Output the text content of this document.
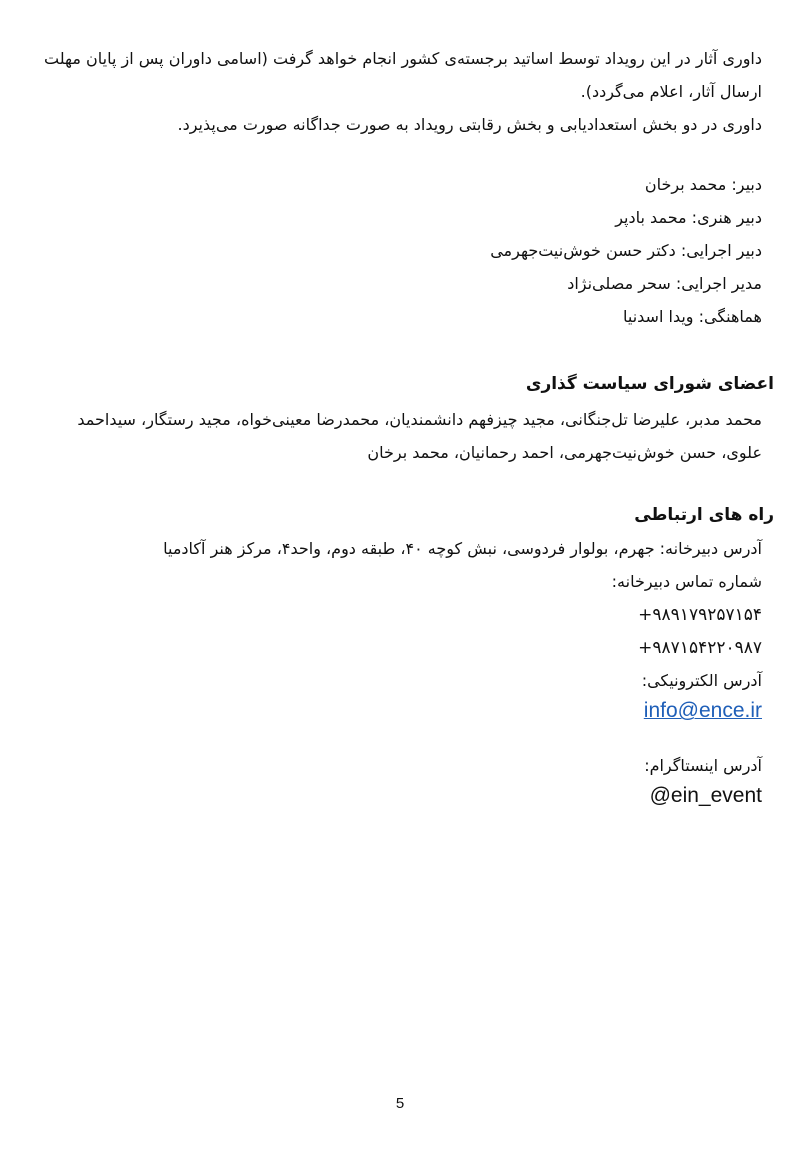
داوری آثار در این رویداد توسط اساتید برجسته‌ی کشور انجام خواهد گرفت (اسامی داوران پس از پایان مهلت
ارسال آثار، اعلام می‌گردد).
داوری در دو بخش استعدادیابی و بخش رقابتی رویداد به صورت جداگانه صورت می‌پذیرد.
دبیر: محمد برخان
دبیر هنری: محمد بادپر
دبیر اجرایی: دکتر حسن خوش‌نیت‌جهرمی
مدیر اجرایی: سحر مصلی‌نژاد
هماهنگی: ویدا اسدنیا
اعضای شورای سیاست گذاری
محمد مدبر، علیرضا تل‌جنگانی، مجید چیزفهم دانشمندیان، محمدرضا معینی‌خواه، مجید رستگار، سیداحمد
علوی، حسن خوش‌نیت‌جهرمی، احمد رحمانیان، محمد برخان
راه های ارتباطی
آدرس دبیرخانه: جهرم، بولوار فردوسی، نبش کوچه ۴۰، طبقه دوم، واحد۴، مرکز هنر آکادمیا
شماره تماس دبیرخانه:
+۹۸۹۱۷۹۲۵۷۱۵۴
+۹۸۷۱۵۴۲۲۰۹۸۷
آدرس الکترونیکی:
info@ence.ir
آدرس اینستاگرام:
@ein_event
5
